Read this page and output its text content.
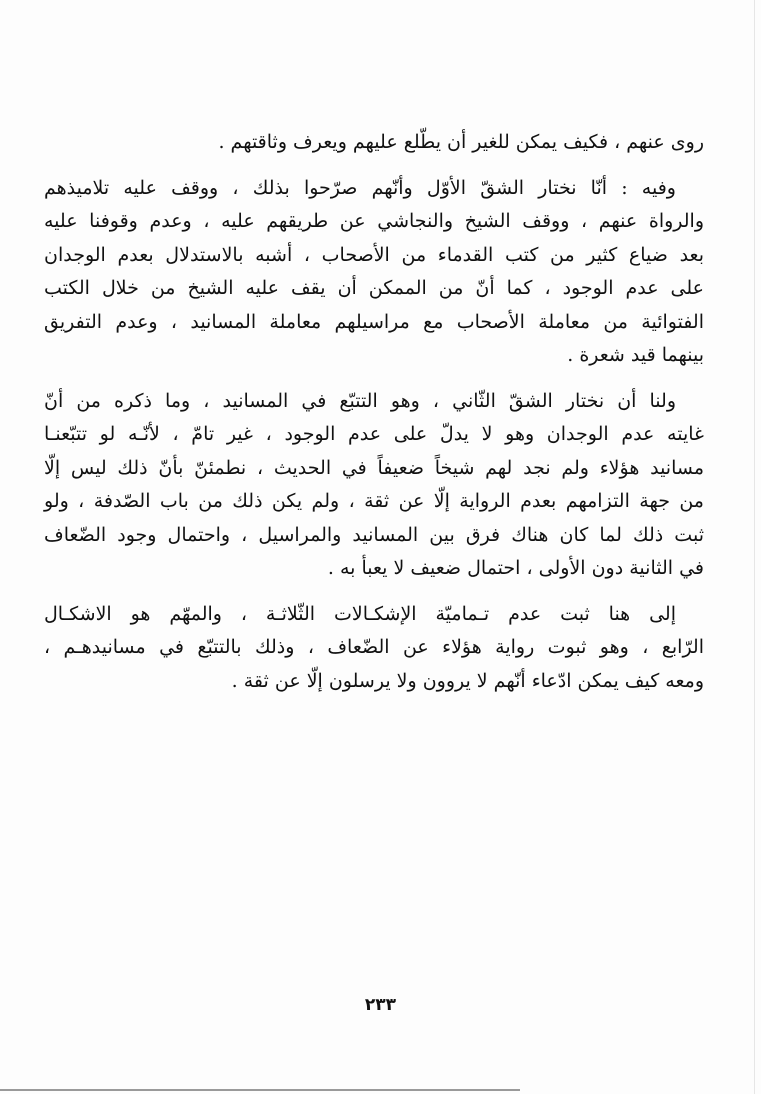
روى عنهم ، فكيف يمكن للغير أن يطّلع عليهم ويعرف وثاقتهم .

وفيه : أنّا نختار الشقّ الأوّل وأنّهم صرّحوا بذلك ، ووقف عليه تلاميذهم
والرواة عنهم ، ووقف الشيخ والنجاشي عن طريقهم عليه ، وعدم وقوفنا عليه
بعد ضياع كثير من كتب القدماء من الأصحاب ، أشبه بالاستدلال بعدم الوجدان
على عدم الوجود ، كما أنّ من الممكن أن يقف عليه الشيخ من خلال الكتب
الفتوائية من معاملة الأصحاب مع مراسيلهم معاملة المسانيد ، وعدم التفريق
بينهما قيد شعرة .

ولنا أن نختار الشقّ الثّاني ، وهو التتبّع في المسانيد ، وما ذكره من أنّ
غايته عدم الوجدان وهو لا يدلّ على عدم الوجود ، غير تامّ ، لأنّـه لو تتبّعنـا
مسانيد هؤلاء ولم نجد لهم شيخاً ضعيفاً في الحديث ، نطمئنّ بأنّ ذلك ليس إلّا
من جهة التزامهم بعدم الرواية إلّا عن ثقة ، ولم يكن ذلك من باب الصّدفة ، ولو
ثبت ذلك لما كان هناك فرق بين المسانيد والمراسيل ، واحتمال وجود الضّعاف
في الثانية دون الأولى ، احتمال ضعيف لا يعبأ به .

إلى هنا ثبت عدم تـماميّة الإشكـالات الثّلاثـة ، والمهّم هو الاشكـال
الرّابع ، وهو ثبوت رواية هؤلاء عن الضّعاف ، وذلك بالتتبّع في مسانيدهـم ،
ومعه كيف يمكن ادّعاء أنّهم لا يروون ولا يرسلون إلّا عن ثقة .

٢٣٣
